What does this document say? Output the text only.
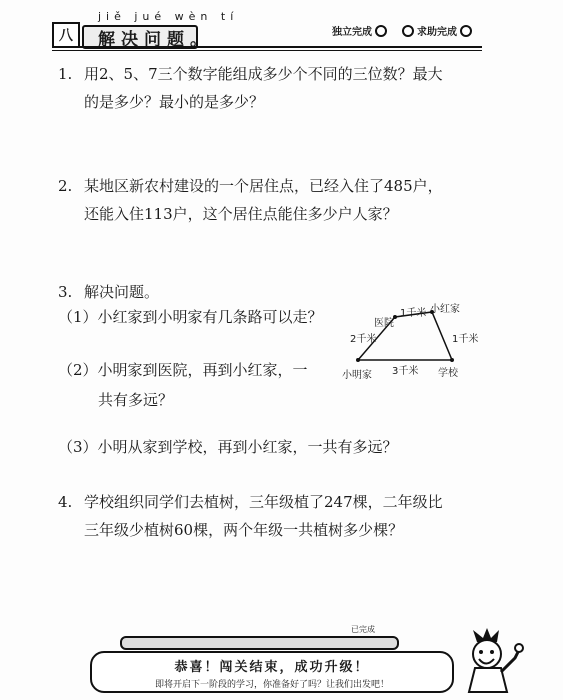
八
jiě jué wèn tí
解决问题。	独立完成	求助完成
1. 用2、5、7三个数字能组成多少个不同的三位数？最大
的是多少？最小的是多少？
2. 某地区新农村建设的一个居住点，已经入住了485户，
还能入住113户，这个居住点能住多少户人家？
3. 解决问题。
（1）小红家到小明家有几条路可以走？
（2）小明家到医院，再到小红家，一
共有多远？
（3）小明从家到学校，再到小红家，一共有多远？
医院
小红家
小明家	学校
1千米
2千米
3千米
1千米
4. 学校组织同学们去植树，三年级植了247棵，二年级比
三年级少植树60棵，两个年级一共植树多少棵？
已完成
恭喜！闯关结束，成功升级！
即将开启下一阶段的学习，你准备好了吗？让我们出发吧！
